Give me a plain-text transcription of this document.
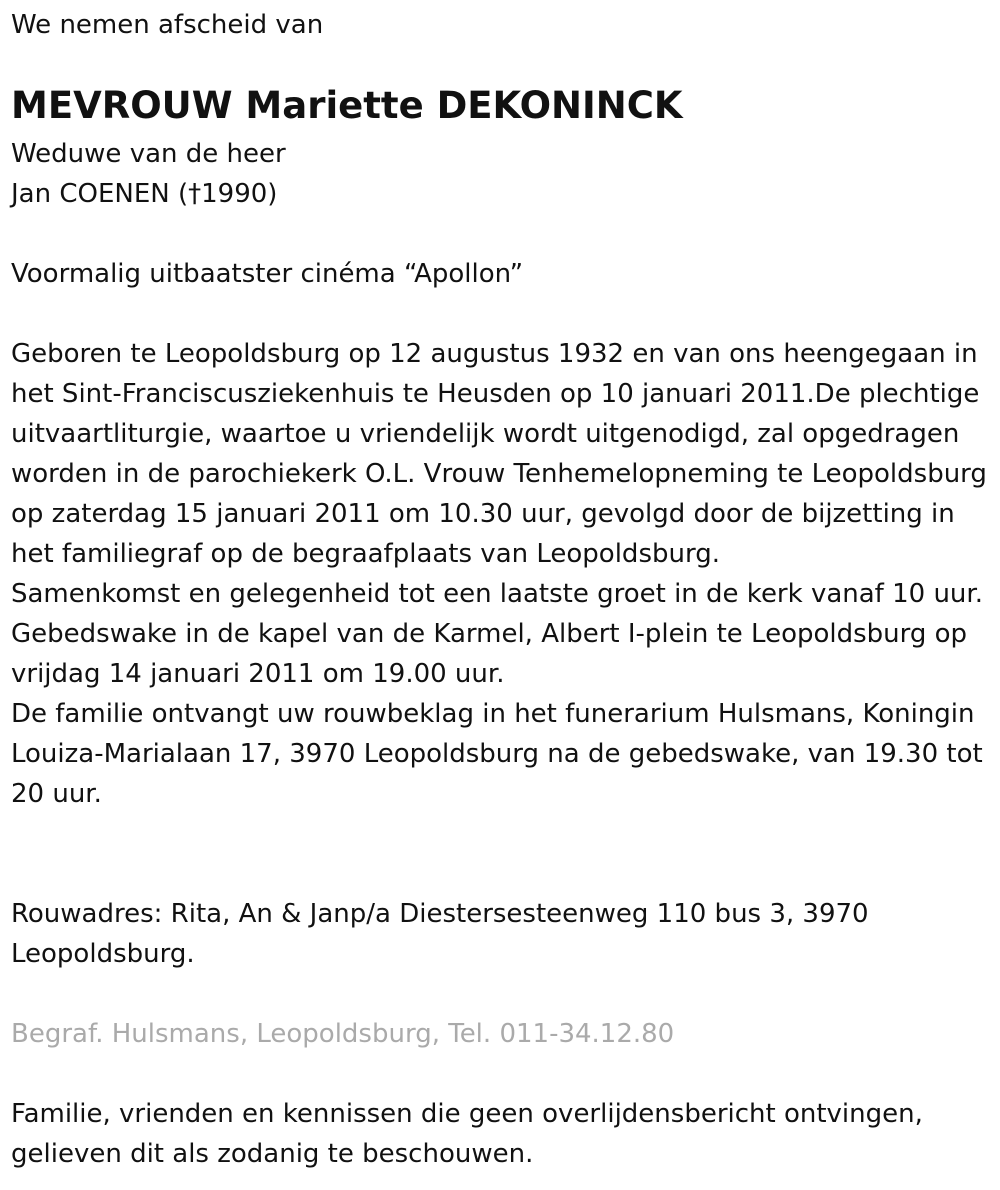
We nemen afscheid van

MEVROUW Mariette DEKONINCK

Weduwe van de heer

Jan COENEN (†1990)

Voormalig uitbaatster cinéma “Apollon”

Geboren te Leopoldsburg op 12 augustus 1932 en van ons heengegaan in het Sint-Franciscusziekenhuis te Heusden op 10 januari 2011.De plechtige uitvaartliturgie, waartoe u vriendelijk wordt uitgenodigd, zal opgedragen worden in de parochiekerk O.L. Vrouw Tenhemelopneming te Leopoldsburg op zaterdag 15 januari 2011 om 10.30 uur, gevolgd door de bijzetting in het familiegraf op de begraafplaats van Leopoldsburg.

Samenkomst en gelegenheid tot een laatste groet in de kerk vanaf 10 uur.

Gebedswake in de kapel van de Karmel, Albert I-plein te Leopoldsburg op vrijdag 14 januari 2011 om 19.00 uur.

De familie ontvangt uw rouwbeklag in het funerarium Hulsmans, Koningin Louiza-Marialaan 17, 3970 Leopoldsburg na de gebedswake, van 19.30 tot 20 uur.

Rouwadres: Rita, An & Janp/a Diestersesteenweg 110 bus 3, 3970 Leopoldsburg.

Begraf. Hulsmans, Leopoldsburg, Tel. 011-34.12.80

Familie, vrienden en kennissen die geen overlijdensbericht ontvingen, gelieven dit als zodanig te beschouwen.
